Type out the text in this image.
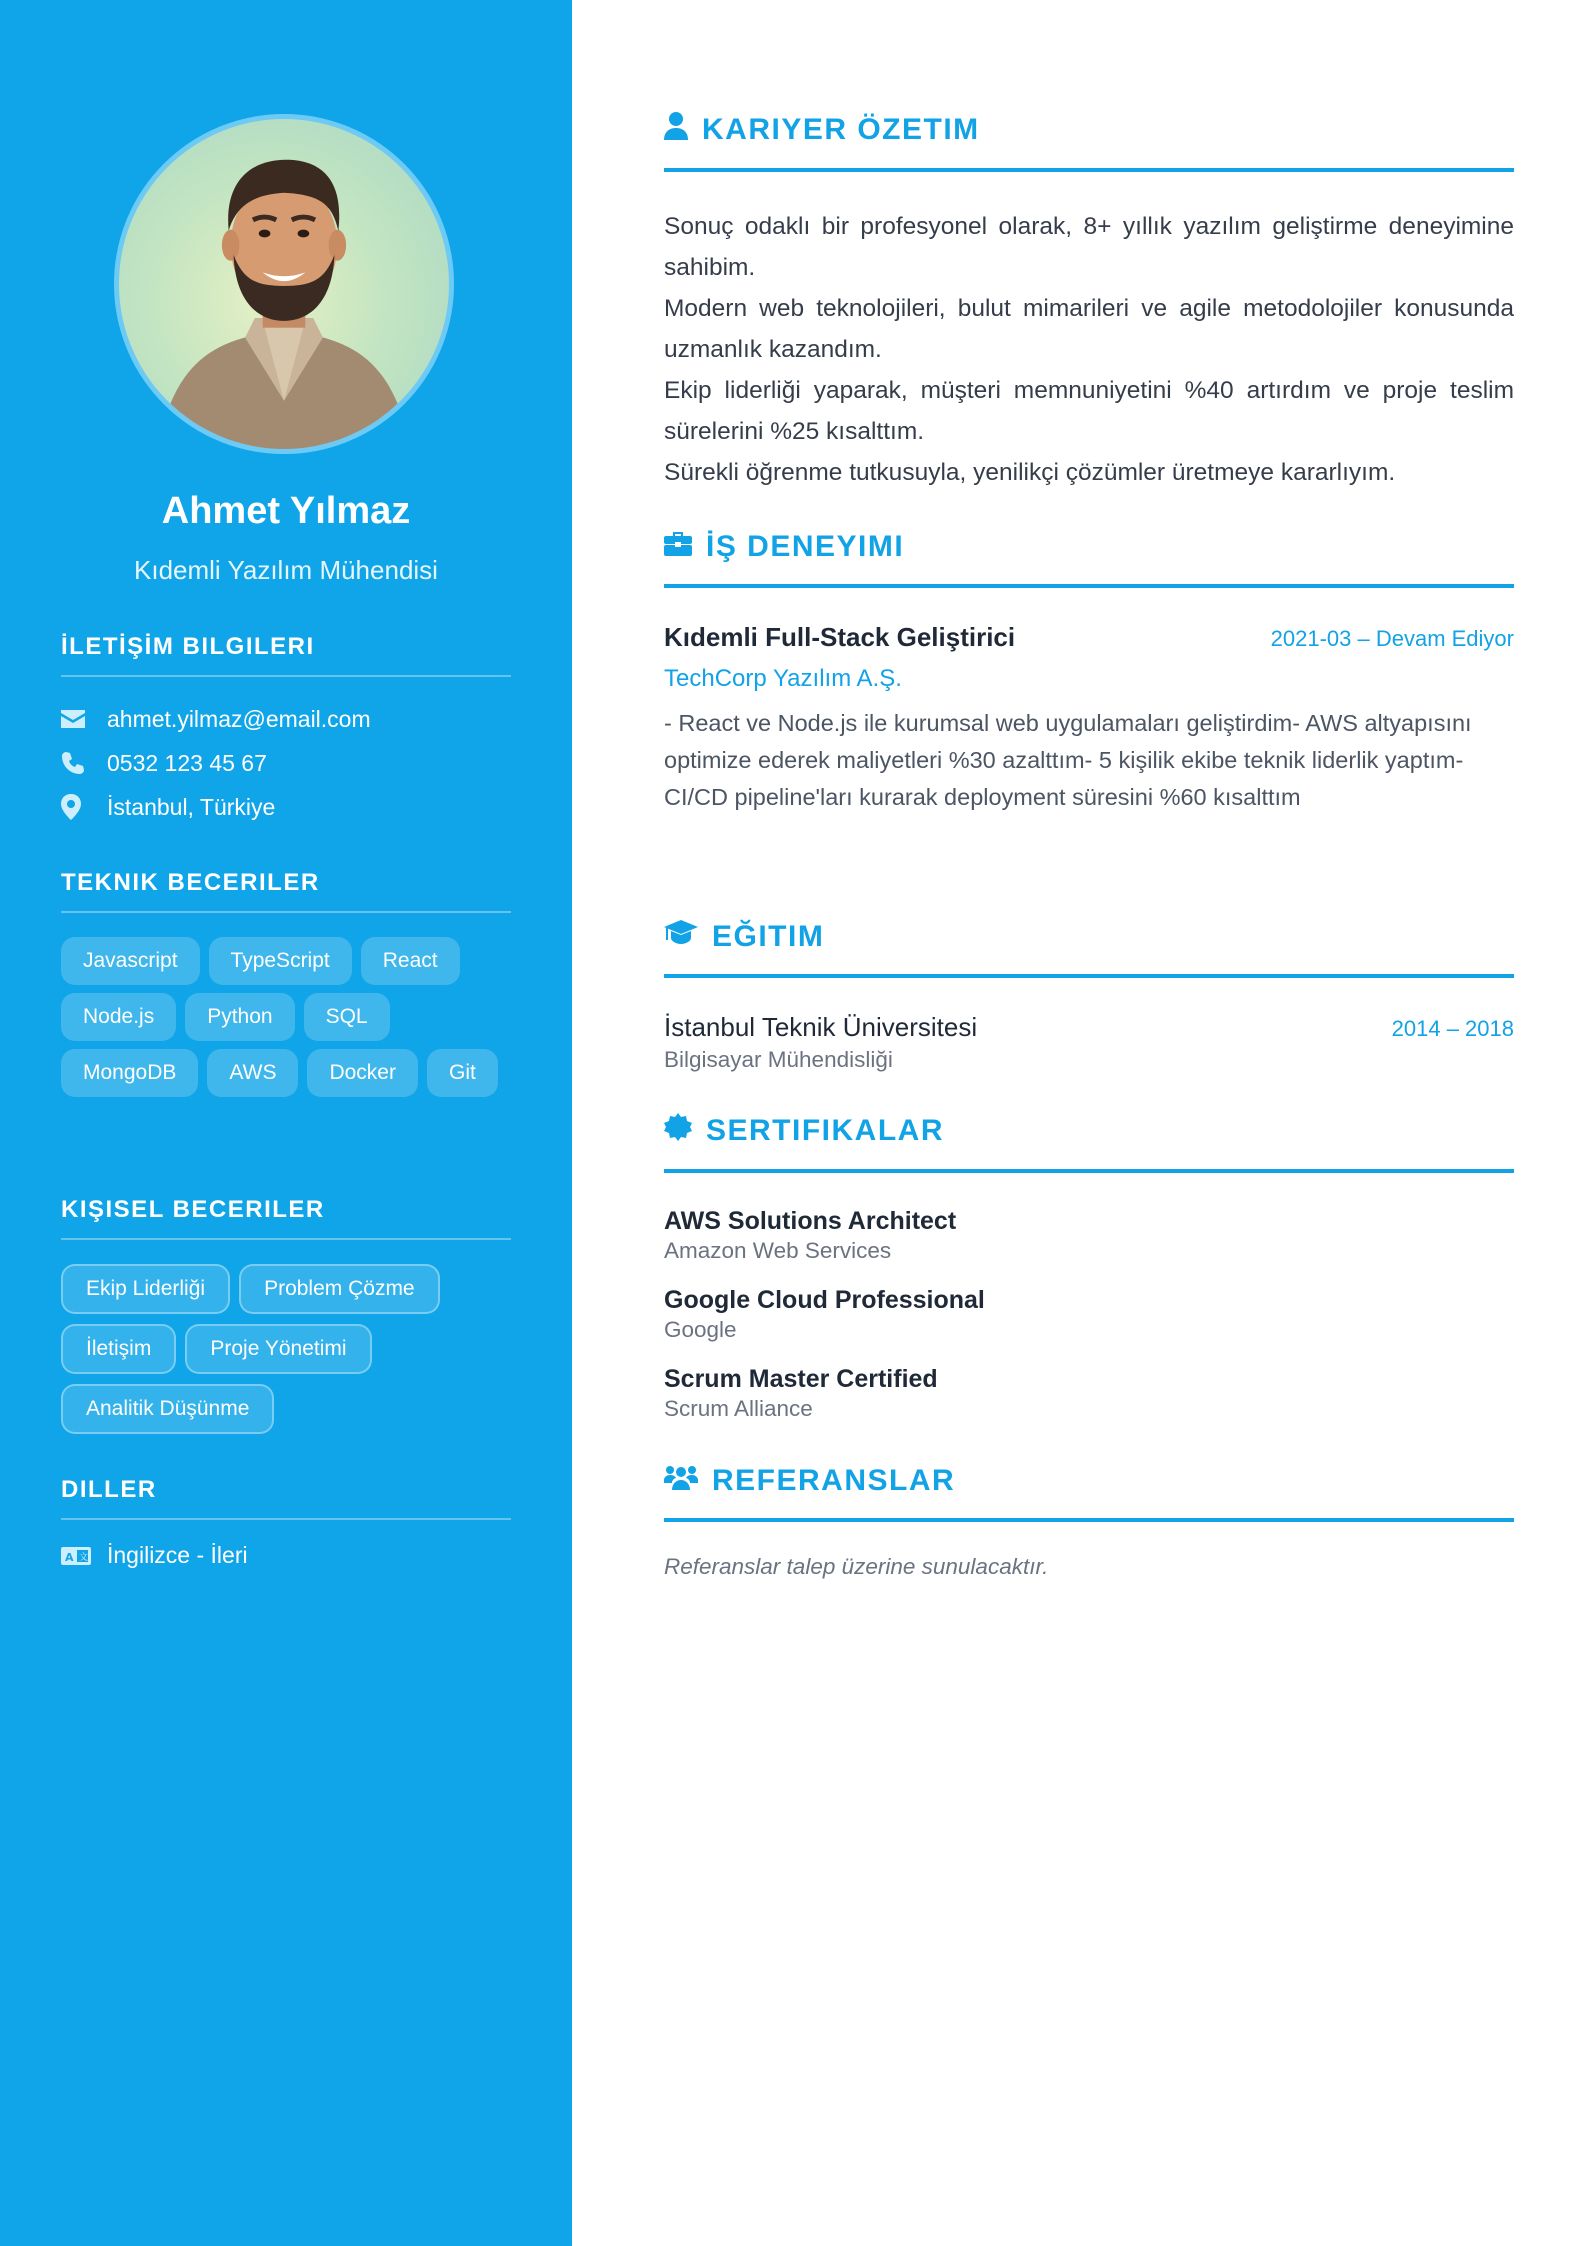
Ahmet Yılmaz
Kıdemli Yazılım Mühendisi
İLETİŞİM BILGILERI
ahmet.yilmaz@email.com
0532 123 45 67
İstanbul, Türkiye
TEKNIK BECERILER
Javascript	TypeScript	React
Node.js	Python	SQL
MongoDB	AWS	Docker	Git
KIŞISEL BECERILER
Ekip Liderliği	Problem Çözme
İletişim	Proje Yönetimi
Analitik Düşünme
DILLER
A 文 İngilizce - İleri
KARIYER ÖZETIM

Sonuç odaklı bir profesyonel olarak, 8+ yıllık yazılım geliştirme deneyimine sahibim.

Modern web teknolojileri, bulut mimarileri ve agile metodolojiler konusunda uzmanlık kazandım.

Ekip liderliği yaparak, müşteri memnuniyetini %40 artırdım ve proje teslim sürelerini %25 kısalttım.

Sürekli öğrenme tutkusuyla, yenilikçi çözümler üretmeye kararlıyım.

İŞ DENEYIMI
Kıdemli Full-Stack Geliştirici	2021-03 – Devam Ediyor
TechCorp Yazılım A.Ş.
- React ve Node.js ile kurumsal web uygulamaları geliştirdim- AWS altyapısını optimize ederek maliyetleri %30 azalttım- 5 kişilik ekibe teknik liderlik yaptım- CI/CD pipeline'ları kurarak deployment süresini %60 kısalttım
EĞITIM
İstanbul Teknik Üniversitesi	2014 – 2018
Bilgisayar Mühendisliği
SERTIFIKALAR
AWS Solutions Architect
Amazon Web Services
Google Cloud Professional
Google
Scrum Master Certified
Scrum Alliance
REFERANSLAR
Referanslar talep üzerine sunulacaktır.
